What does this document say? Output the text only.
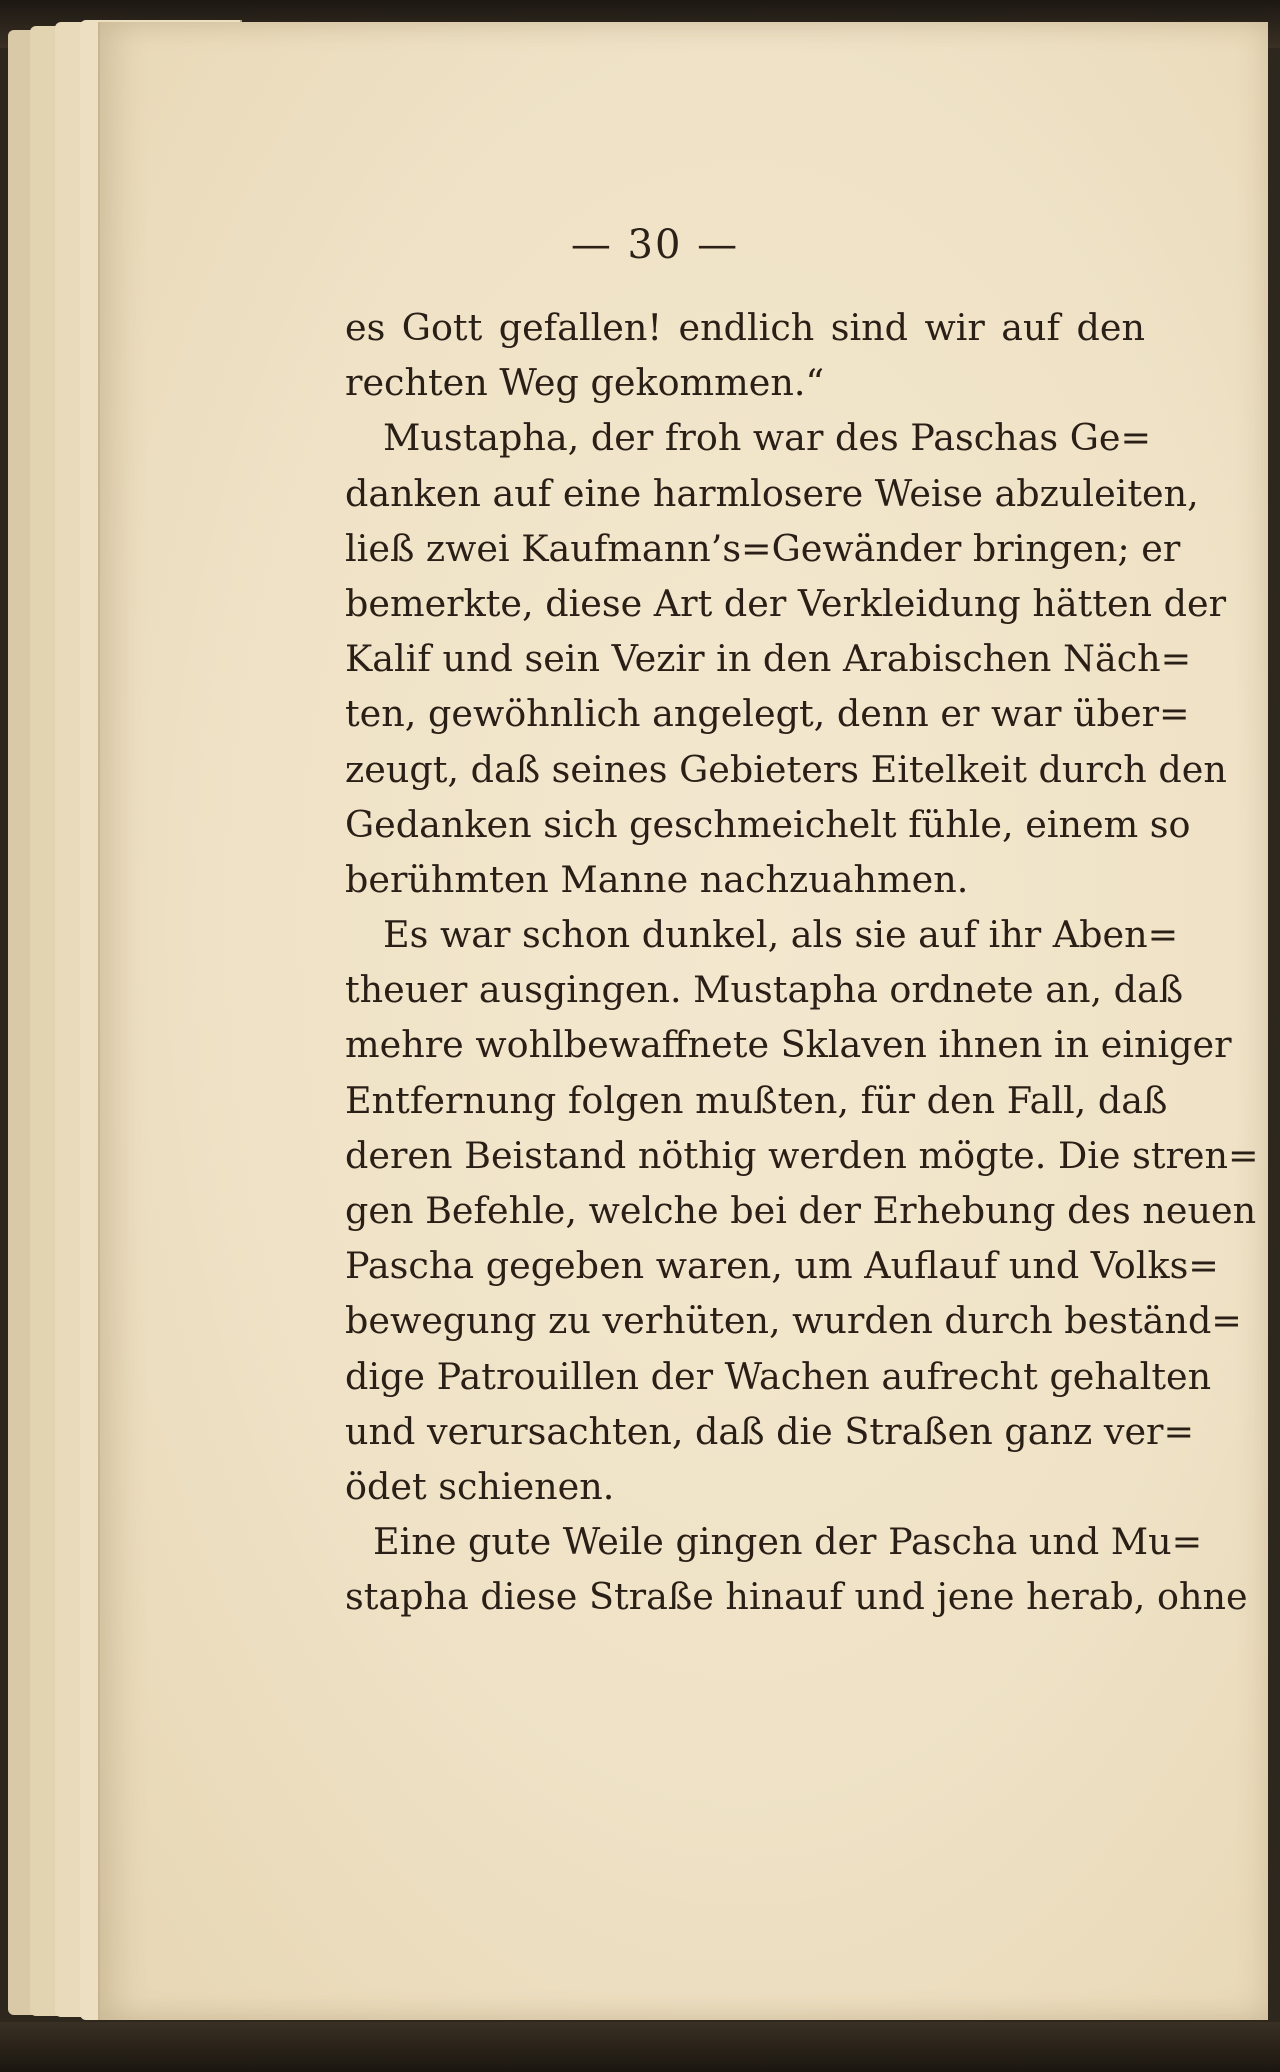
— 30 —
es Gott gefallen! endlich sind wir auf den
rechten Weg gekommen.“
Mustapha, der froh war des Paschas Ge=
danken auf eine harmlosere Weise abzuleiten,
ließ zwei Kaufmann’s=Gewänder bringen; er
bemerkte, diese Art der Verkleidung hätten der
Kalif und sein Vezir in den Arabischen Näch=
ten, gewöhnlich angelegt, denn er war über=
zeugt, daß seines Gebieters Eitelkeit durch den
Gedanken sich geschmeichelt fühle, einem so
berühmten Manne nachzuahmen.
Es war schon dunkel, als sie auf ihr Aben=
theuer ausgingen. Mustapha ordnete an, daß
mehre wohlbewaffnete Sklaven ihnen in einiger
Entfernung folgen mußten, für den Fall, daß
deren Beistand nöthig werden mögte. Die stren=
gen Befehle, welche bei der Erhebung des neuen
Pascha gegeben waren, um Auflauf und Volks=
bewegung zu verhüten, wurden durch beständ=
dige Patrouillen der Wachen aufrecht gehalten
und verursachten, daß die Straßen ganz ver=
ödet schienen.
Eine gute Weile gingen der Pascha und Mu=
stapha diese Straße hinauf und jene herab, ohne
